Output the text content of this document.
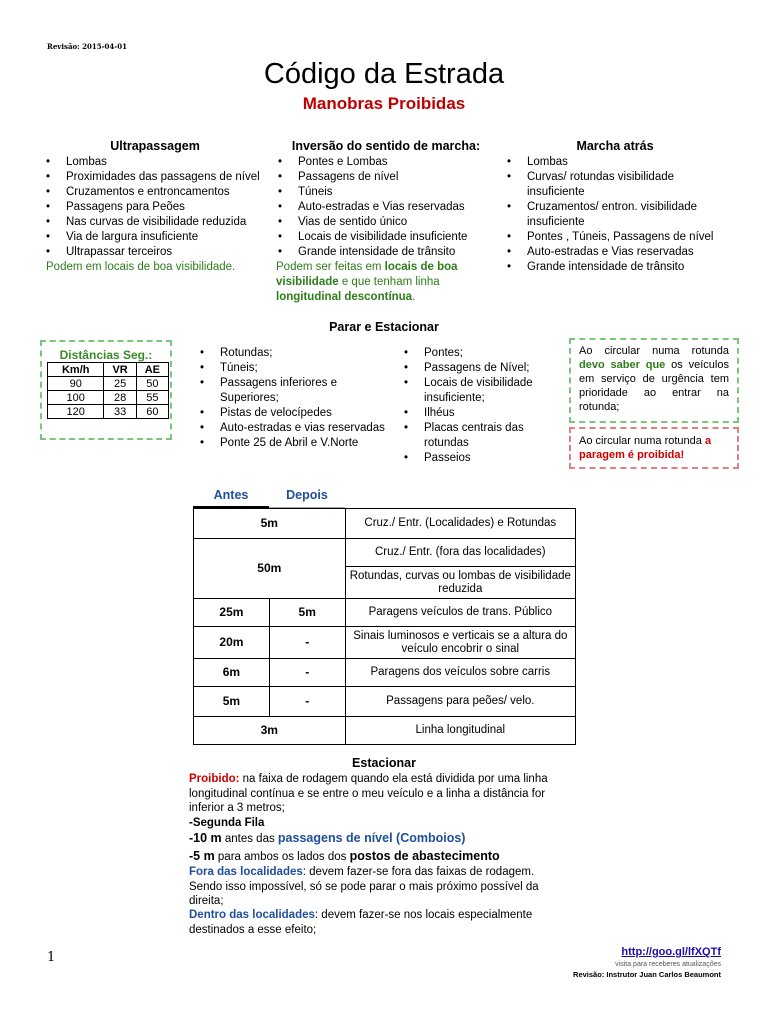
Revisão: 2015-04-01
Código da Estrada
Manobras Proibidas
Ultrapassagem
• Lombas
• Proximidades das passagens de nível
• Cruzamentos e entroncamentos
• Passagens para Peões
• Nas curvas de visibilidade reduzida
• Via de largura insuficiente
• Ultrapassar terceiros
Podem em locais de boa visibilidade.
Inversão do sentido de marcha:
• Pontes e Lombas
• Passagens de nível
• Túneis
• Auto-estradas e Vias reservadas
• Vias de sentido único
• Locais de visibilidade insuficiente
• Grande intensidade de trânsito
Podem ser feitas em locais de boa visibilidade e que tenham linha longitudinal descontínua.
Marcha atrás
• Lombas
• Curvas/ rotundas visibilidade insuficiente
• Cruzamentos/ entron. visibilidade insuficiente
• Pontes , Túneis, Passagens de nível
• Auto-estradas e Vias reservadas
• Grande intensidade de trânsito
Parar e Estacionar
Distâncias Seg.:
Km/h	VR	AE
90	25	50
100	28	55
120	33	60
• Rotundas;
• Túneis;
• Passagens inferiores e Superiores;
• Pistas de velocípedes
• Auto-estradas e vias reservadas
• Ponte 25 de Abril e V.Norte
• Pontes;
• Passagens de Nível;
• Locais de visibilidade insuficiente;
• Ilhéus
• Placas centrais das rotundas
• Passeios
Ao circular numa rotunda devo saber que os veículos em serviço de urgência tem prioridade ao entrar na rotunda;
Ao circular numa rotunda a paragem é proibida!
Antes	Depois
5m		Cruz./ Entr. (Localidades) e Rotundas
50m		Cruz./ Entr. (fora das localidades)
		Rotundas, curvas ou lombas de visibilidade reduzida
25m	5m	Paragens veículos de trans. Público
20m	-	Sinais luminosos e verticais se a altura do veículo encobrir o sinal
6m	-	Paragens dos veículos sobre carris
5m	-	Passagens para peões/ velo.
3m		Linha longitudinal
Estacionar
Proibido: na faixa de rodagem quando ela está dividida por uma linha longitudinal contínua e se entre o meu veículo e a linha a distância for inferior a 3 metros;
-Segunda Fila
-10 m antes das passagens de nível (Comboios)
-5 m para ambos os lados dos postos de abastecimento
Fora das localidades: devem fazer-se fora das faixas de rodagem. Sendo isso impossível, só se pode parar o mais próximo possível da direita;
Dentro das localidades: devem fazer-se nos locais especialmente destinados a esse efeito;
1	http://goo.gl/lfXQTf
visita para receberes atualizações
Revisão: Instrutor Juan Carlos Beaumont
